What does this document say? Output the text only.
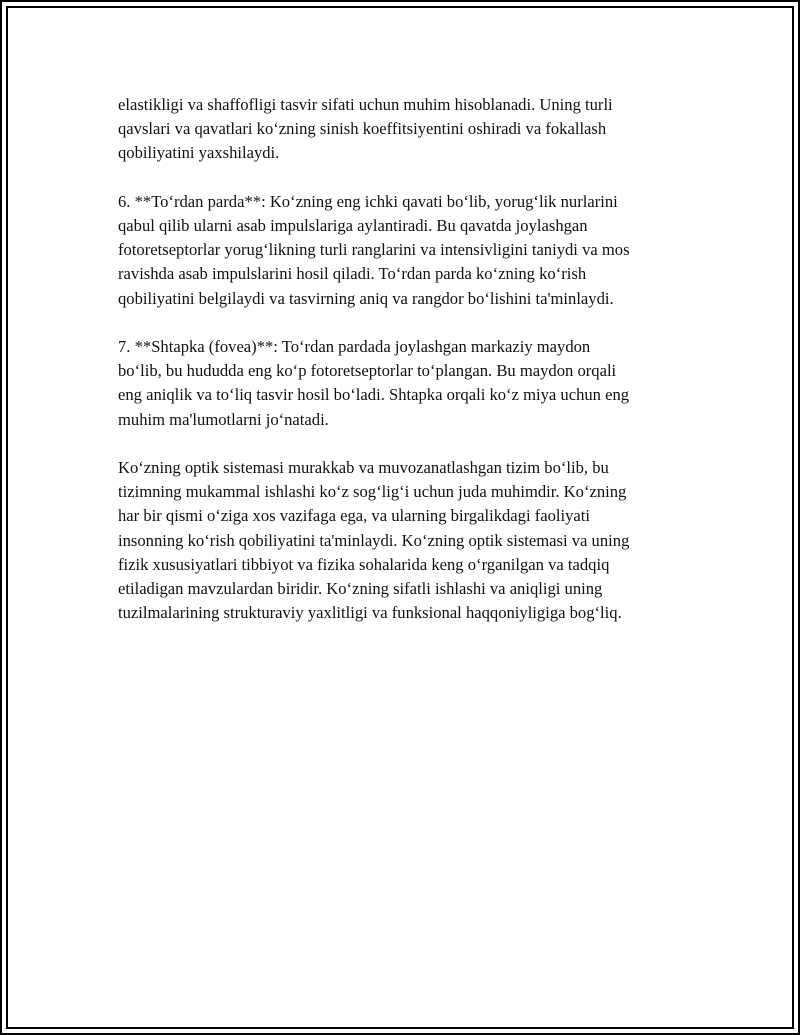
elastikligi va shaffofligi tasvir sifati uchun muhim hisoblanadi. Uning turli
qavslari va qavatlari ko‘zning sinish koeffitsiyentini oshiradi va fokallash
qobiliyatini yaxshilaydi.

6. **To‘rdan parda**: Ko‘zning eng ichki qavati bo‘lib, yorug‘lik nurlarini
qabul qilib ularni asab impulslariga aylantiradi. Bu qavatda joylashgan
fotoretseptorlar yorug‘likning turli ranglarini va intensivligini taniydi va mos
ravishda asab impulslarini hosil qiladi. To‘rdan parda ko‘zning ko‘rish
qobiliyatini belgilaydi va tasvirning aniq va rangdor bo‘lishini ta'minlaydi.

7. **Shtapka (fovea)**: To‘rdan pardada joylashgan markaziy maydon
bo‘lib, bu hududda eng ko‘p fotoretseptorlar to‘plangan. Bu maydon orqali
eng aniqlik va to‘liq tasvir hosil bo‘ladi. Shtapka orqali ko‘z miya uchun eng
muhim ma'lumotlarni jo‘natadi.

Ko‘zning optik sistemasi murakkab va muvozanatlashgan tizim bo‘lib, bu
tizimning mukammal ishlashi ko‘z sog‘lig‘i uchun juda muhimdir. Ko‘zning
har bir qismi o‘ziga xos vazifaga ega, va ularning birgalikdagi faoliyati
insonning ko‘rish qobiliyatini ta'minlaydi. Ko‘zning optik sistemasi va uning
fizik xususiyatlari tibbiyot va fizika sohalarida keng o‘rganilgan va tadqiq
etiladigan mavzulardan biridir. Ko‘zning sifatli ishlashi va aniqligi uning
tuzilmalarining strukturaviy yaxlitligi va funksional haqqoniyligiga bog‘liq.
